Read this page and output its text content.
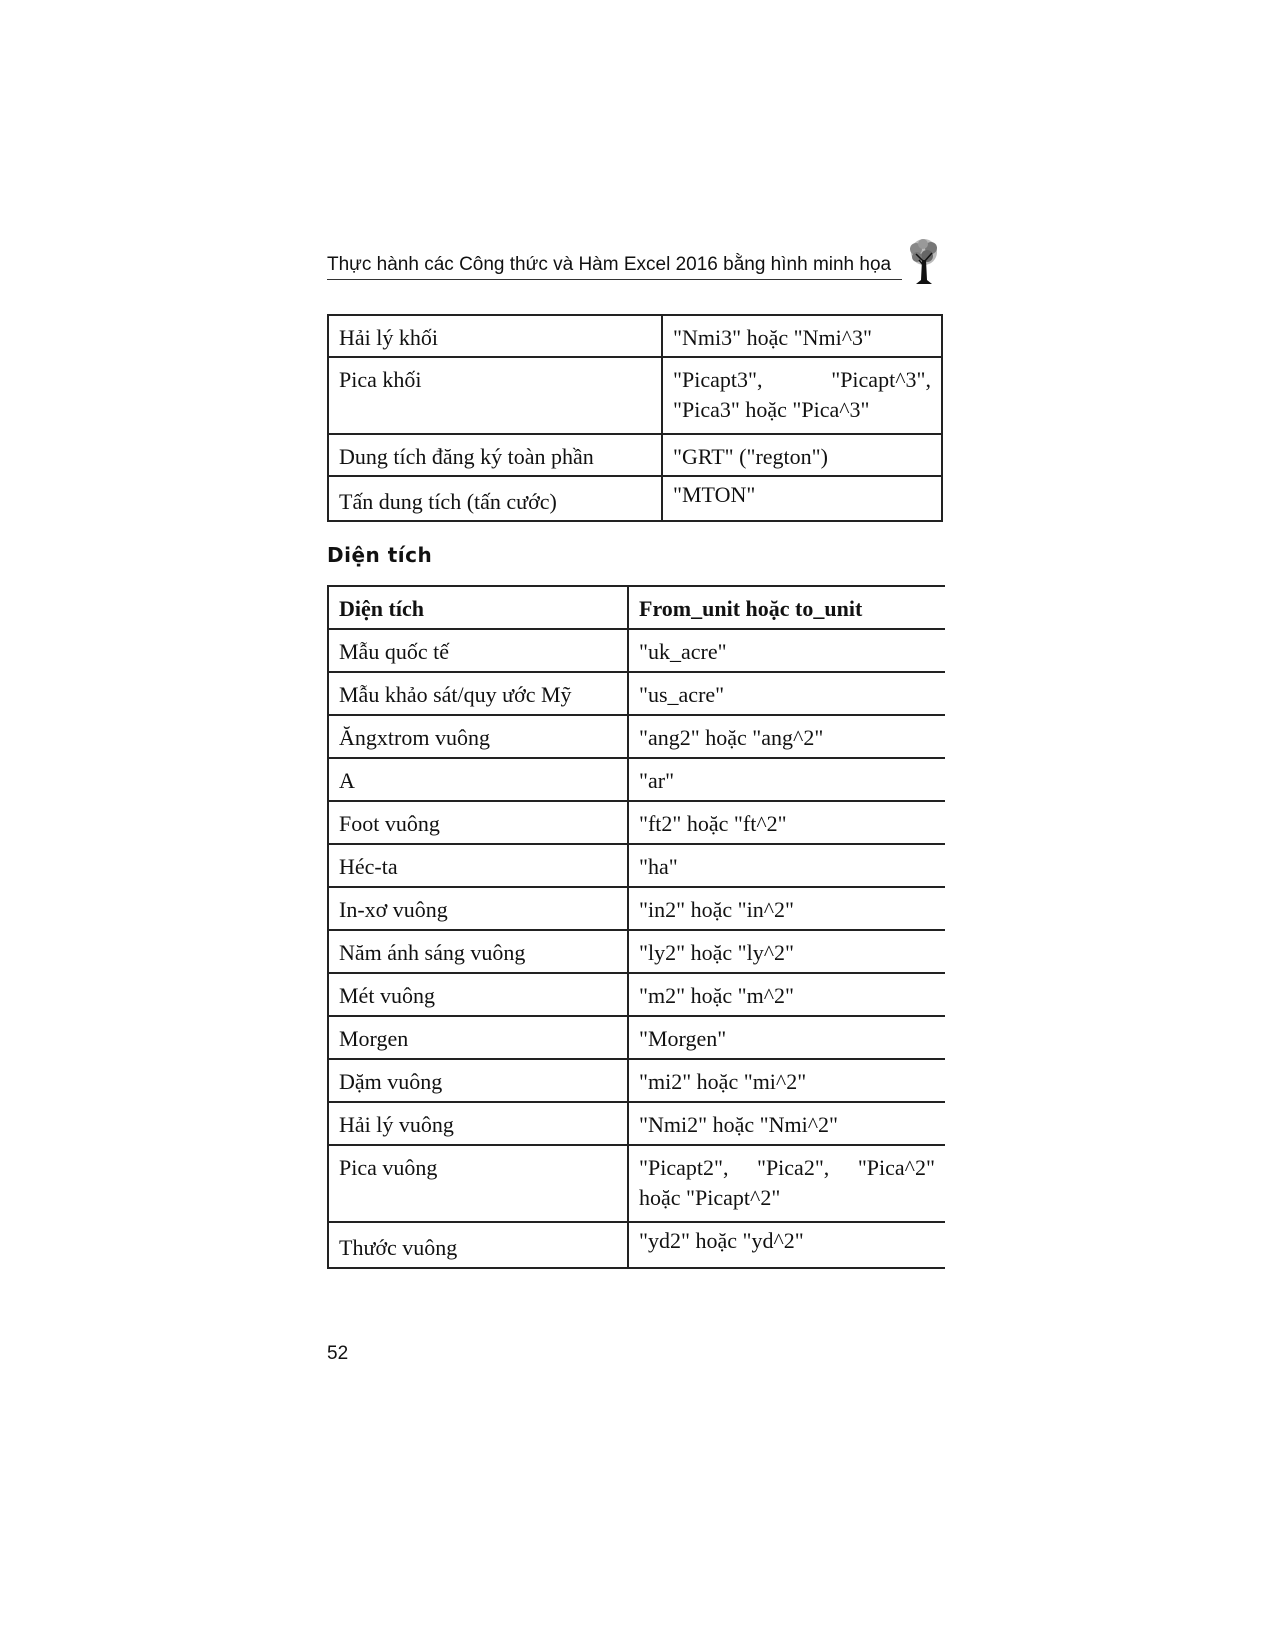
Thực hành các Công thức và Hàm Excel 2016 bằng hình minh họa
Hải lý khối	"Nmi3" hoặc "Nmi^3"
Pica khối	"Picapt3", "Picapt^3",
"Pica3" hoặc "Pica^3"

Dung tích đăng ký toàn phần	"GRT" ("regton")
Tấn dung tích (tấn cước)	"MTON"
Diện tích
Diện tích	From_unit hoặc to_unit
Mẫu quốc tế	"uk_acre"
Mẫu khảo sát/quy ước Mỹ	"us_acre"
Ăngxtrom vuông	"ang2" hoặc "ang^2"
A	"ar"
Foot vuông	"ft2" hoặc "ft^2"
Héc-ta	"ha"
In-xơ vuông	"in2" hoặc "in^2"
Năm ánh sáng vuông	"ly2" hoặc "ly^2"
Mét vuông	"m2" hoặc "m^2"
Morgen	"Morgen"
Dặm vuông	"mi2" hoặc "mi^2"
Hải lý vuông	"Nmi2" hoặc "Nmi^2"
Pica vuông	"Picapt2", "Pica2", "Pica^2"
hoặc "Picapt^2"

Thước vuông	"yd2" hoặc "yd^2"
52
